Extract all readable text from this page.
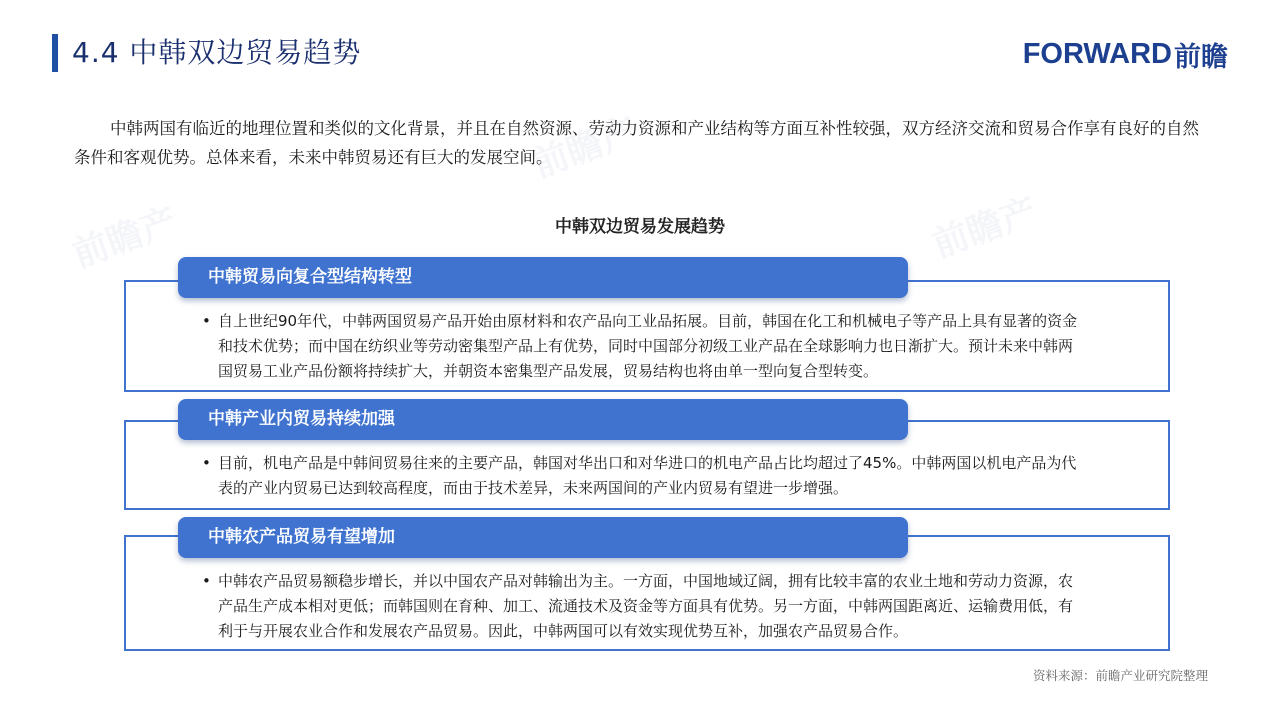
前瞻产	前瞻产
前瞻产
4.4 中韩双边贸易趋势	FORWARD 前瞻

中韩两国有临近的地理位置和类似的文化背景，并且在自然资源、劳动力资源和产业结构等方面互补性较强，双方经济交流和贸易合作享有良好的自然条件和客观优势。总体来看，未来中韩贸易还有巨大的发展空间。

中韩双边贸易发展趋势
中韩贸易向复合型结构转型
• 自上世纪90年代，中韩两国贸易产品开始由原材料和农产品向工业品拓展。目前，韩国在化工和机械电子等产品上具有显著的资金和技术优势；而中国在纺织业等劳动密集型产品上有优势，同时中国部分初级工业产品在全球影响力也日渐扩大。预计未来中韩两国贸易工业产品份额将持续扩大，并朝资本密集型产品发展，贸易结构也将由单一型向复合型转变。
中韩产业内贸易持续加强
• 目前，机电产品是中韩间贸易往来的主要产品，韩国对华出口和对华进口的机电产品占比均超过了45%。中韩两国以机电产品为代表的产业内贸易已达到较高程度，而由于技术差异，未来两国间的产业内贸易有望进一步增强。
中韩农产品贸易有望增加
• 中韩农产品贸易额稳步增长，并以中国农产品对韩输出为主。一方面，中国地域辽阔，拥有比较丰富的农业土地和劳动力资源，农产品生产成本相对更低；而韩国则在育种、加工、流通技术及资金等方面具有优势。另一方面，中韩两国距离近、运输费用低，有利于与开展农业合作和发展农产品贸易。因此，中韩两国可以有效实现优势互补，加强农产品贸易合作。
资料来源：前瞻产业研究院整理
